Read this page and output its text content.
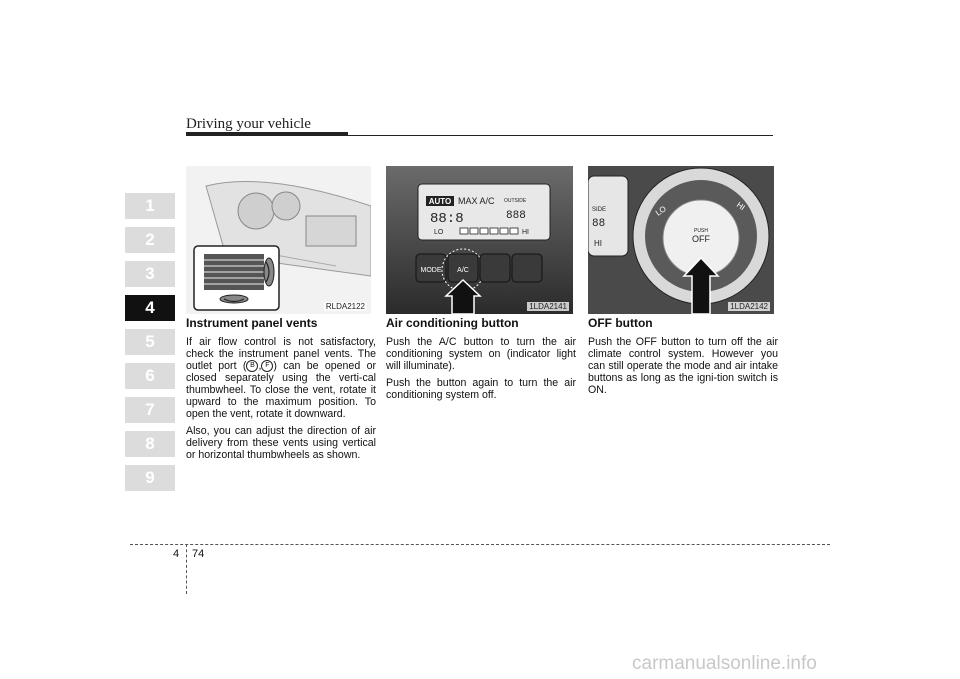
Driving your vehicle
1
2
3
4
5
6
7
8
9
RLDA2122
AUTO MAX A/C OUTSIDE
88:8	888
LO	HI
MODE A/C
1LDA2141
SIDE
88
HI
LO	HI
PUSH
OFF
1LDA2142
Instrument panel vents

If air flow control is not satisfactory, check the instrument panel vents. The outlet port ( B , F ) can be opened or closed separately using the verti-cal thumbwheel. To close the vent, rotate it upward to the maximum position. To open the vent, rotate it downward.

Also, you can adjust the direction of air delivery from these vents using vertical or horizontal thumbwheels as shown.

Air conditioning button

Push the A/C button to turn the air conditioning system on (indicator light will illuminate).

Push the button again to turn the air conditioning system off.

OFF button

Push the OFF button to turn off the air climate control system. However you can still operate the mode and air intake buttons as long as the igni-tion switch is ON.

4 74
carmanualsonline.info
